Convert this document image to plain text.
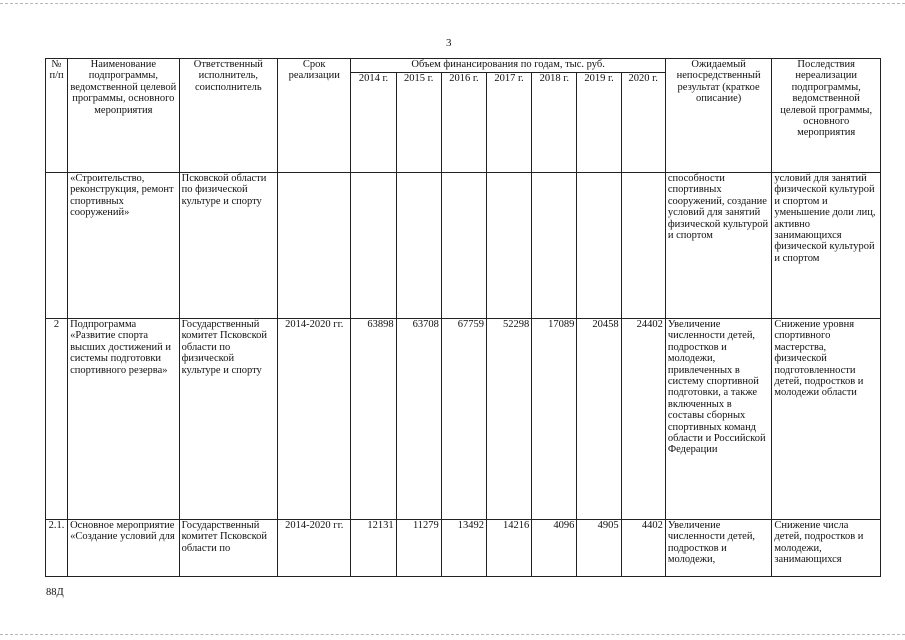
3
№ п/п	Наименование подпрограммы, ведомственной целевой программы, основного мероприятия	Ответственный исполнитель, соисполнитель	Срок реализации	Объем финансирования по годам, тыс. руб.							Ожидаемый непосредственный результат (краткое описание)	Последствия нереализации подпрограммы, ведомственной целевой программы, основного мероприятия
				2014 г.	2015 г.	2016 г.	2017 г.	2018 г.	2019 г.	2020 г.		
	«Строительство, реконструкция, ремонт спортивных сооружений»	Псковской области по физической культуре и спорту									способности спортивных сооружений, создание условий для занятий физической культурой и спортом	условий для занятий физической культурой и спортом и уменьшение доли лиц, активно занимающихся физической культурой и спортом
2	Подпрограмма «Развитие спорта высших достижений и системы подготовки спортивного резерва»	Государственный комитет Псковской области по физической культуре и спорту	2014-2020 гг.	63898	63708	67759	52298	17089	20458	24402	Увеличение численности детей, подростков и молодежи, привлеченных в систему спортивной подготовки, а также включенных в составы сборных спортивных команд области и Российской Федерации	Снижение уровня спортивного мастерства, физической подготовленности детей, подростков и молодежи области
2.1.	Основное мероприятие «Создание условий для	Государственный комитет Псковской области по	2014-2020 гг.	12131	11279	13492	14216	4096	4905	4402	Увеличение численности детей, подростков и молодежи,	Снижение числа детей, подростков и молодежи, занимающихся
88Д
